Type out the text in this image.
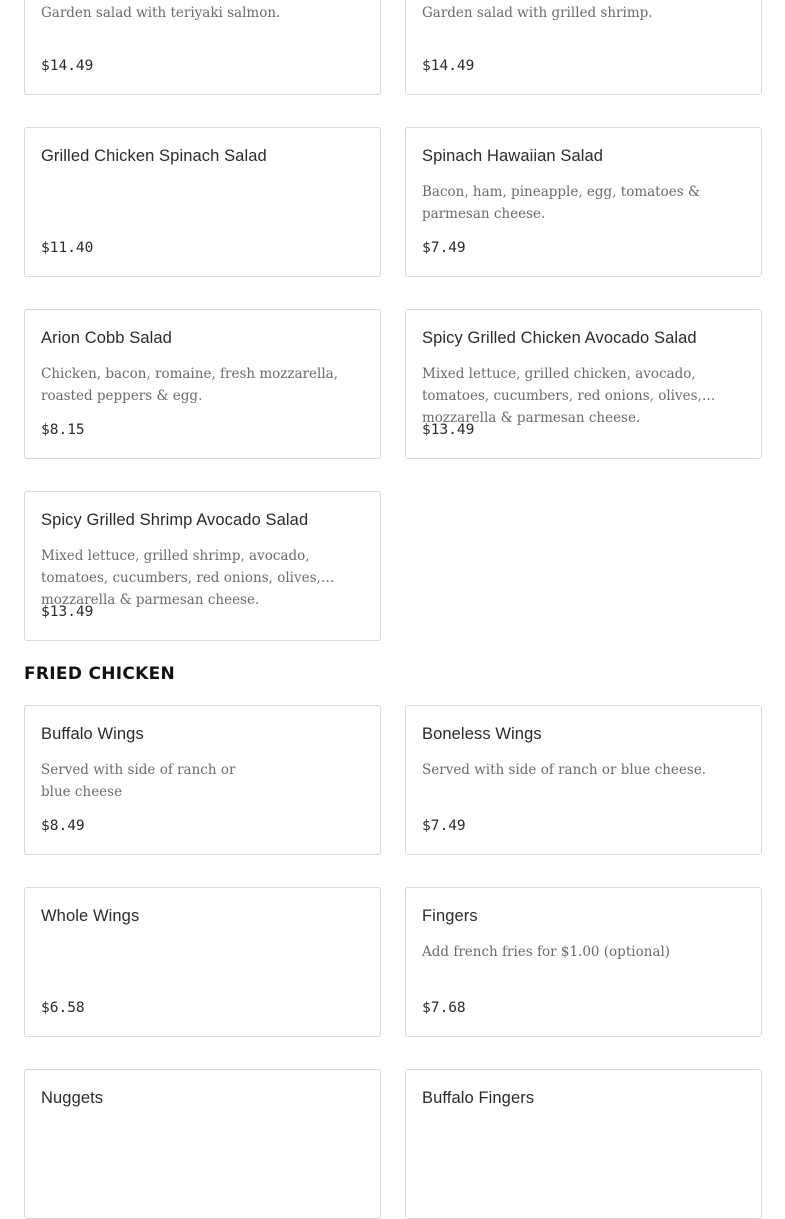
Garden salad with teriyaki salmon.
$14.49
Garden salad with grilled shrimp.
$14.49
Grilled Chicken Spinach Salad
$11.40
Spinach Hawaiian Salad
Bacon, ham, pineapple, egg, tomatoes & parmesan cheese.
$7.49
Arion Cobb Salad
Chicken, bacon, romaine, fresh mozzarella, roasted peppers & egg.
$8.15
Spicy Grilled Chicken Avocado Salad
Mixed lettuce, grilled chicken, avocado, tomatoes, cucumbers, red onions, olives, mozzarella & parmesan cheese.
$13.49
Spicy Grilled Shrimp Avocado Salad
Mixed lettuce, grilled shrimp, avocado, tomatoes, cucumbers, red onions, olives, mozzarella & parmesan cheese.
$13.49
FRIED CHICKEN
Buffalo Wings
Served with side of ranch or blue cheese
$8.49
Boneless Wings
Served with side of ranch or blue cheese.
$7.49
Whole Wings
$6.58
Fingers
Add french fries for $1.00 (optional)
$7.68
Nuggets	Buffalo Fingers
